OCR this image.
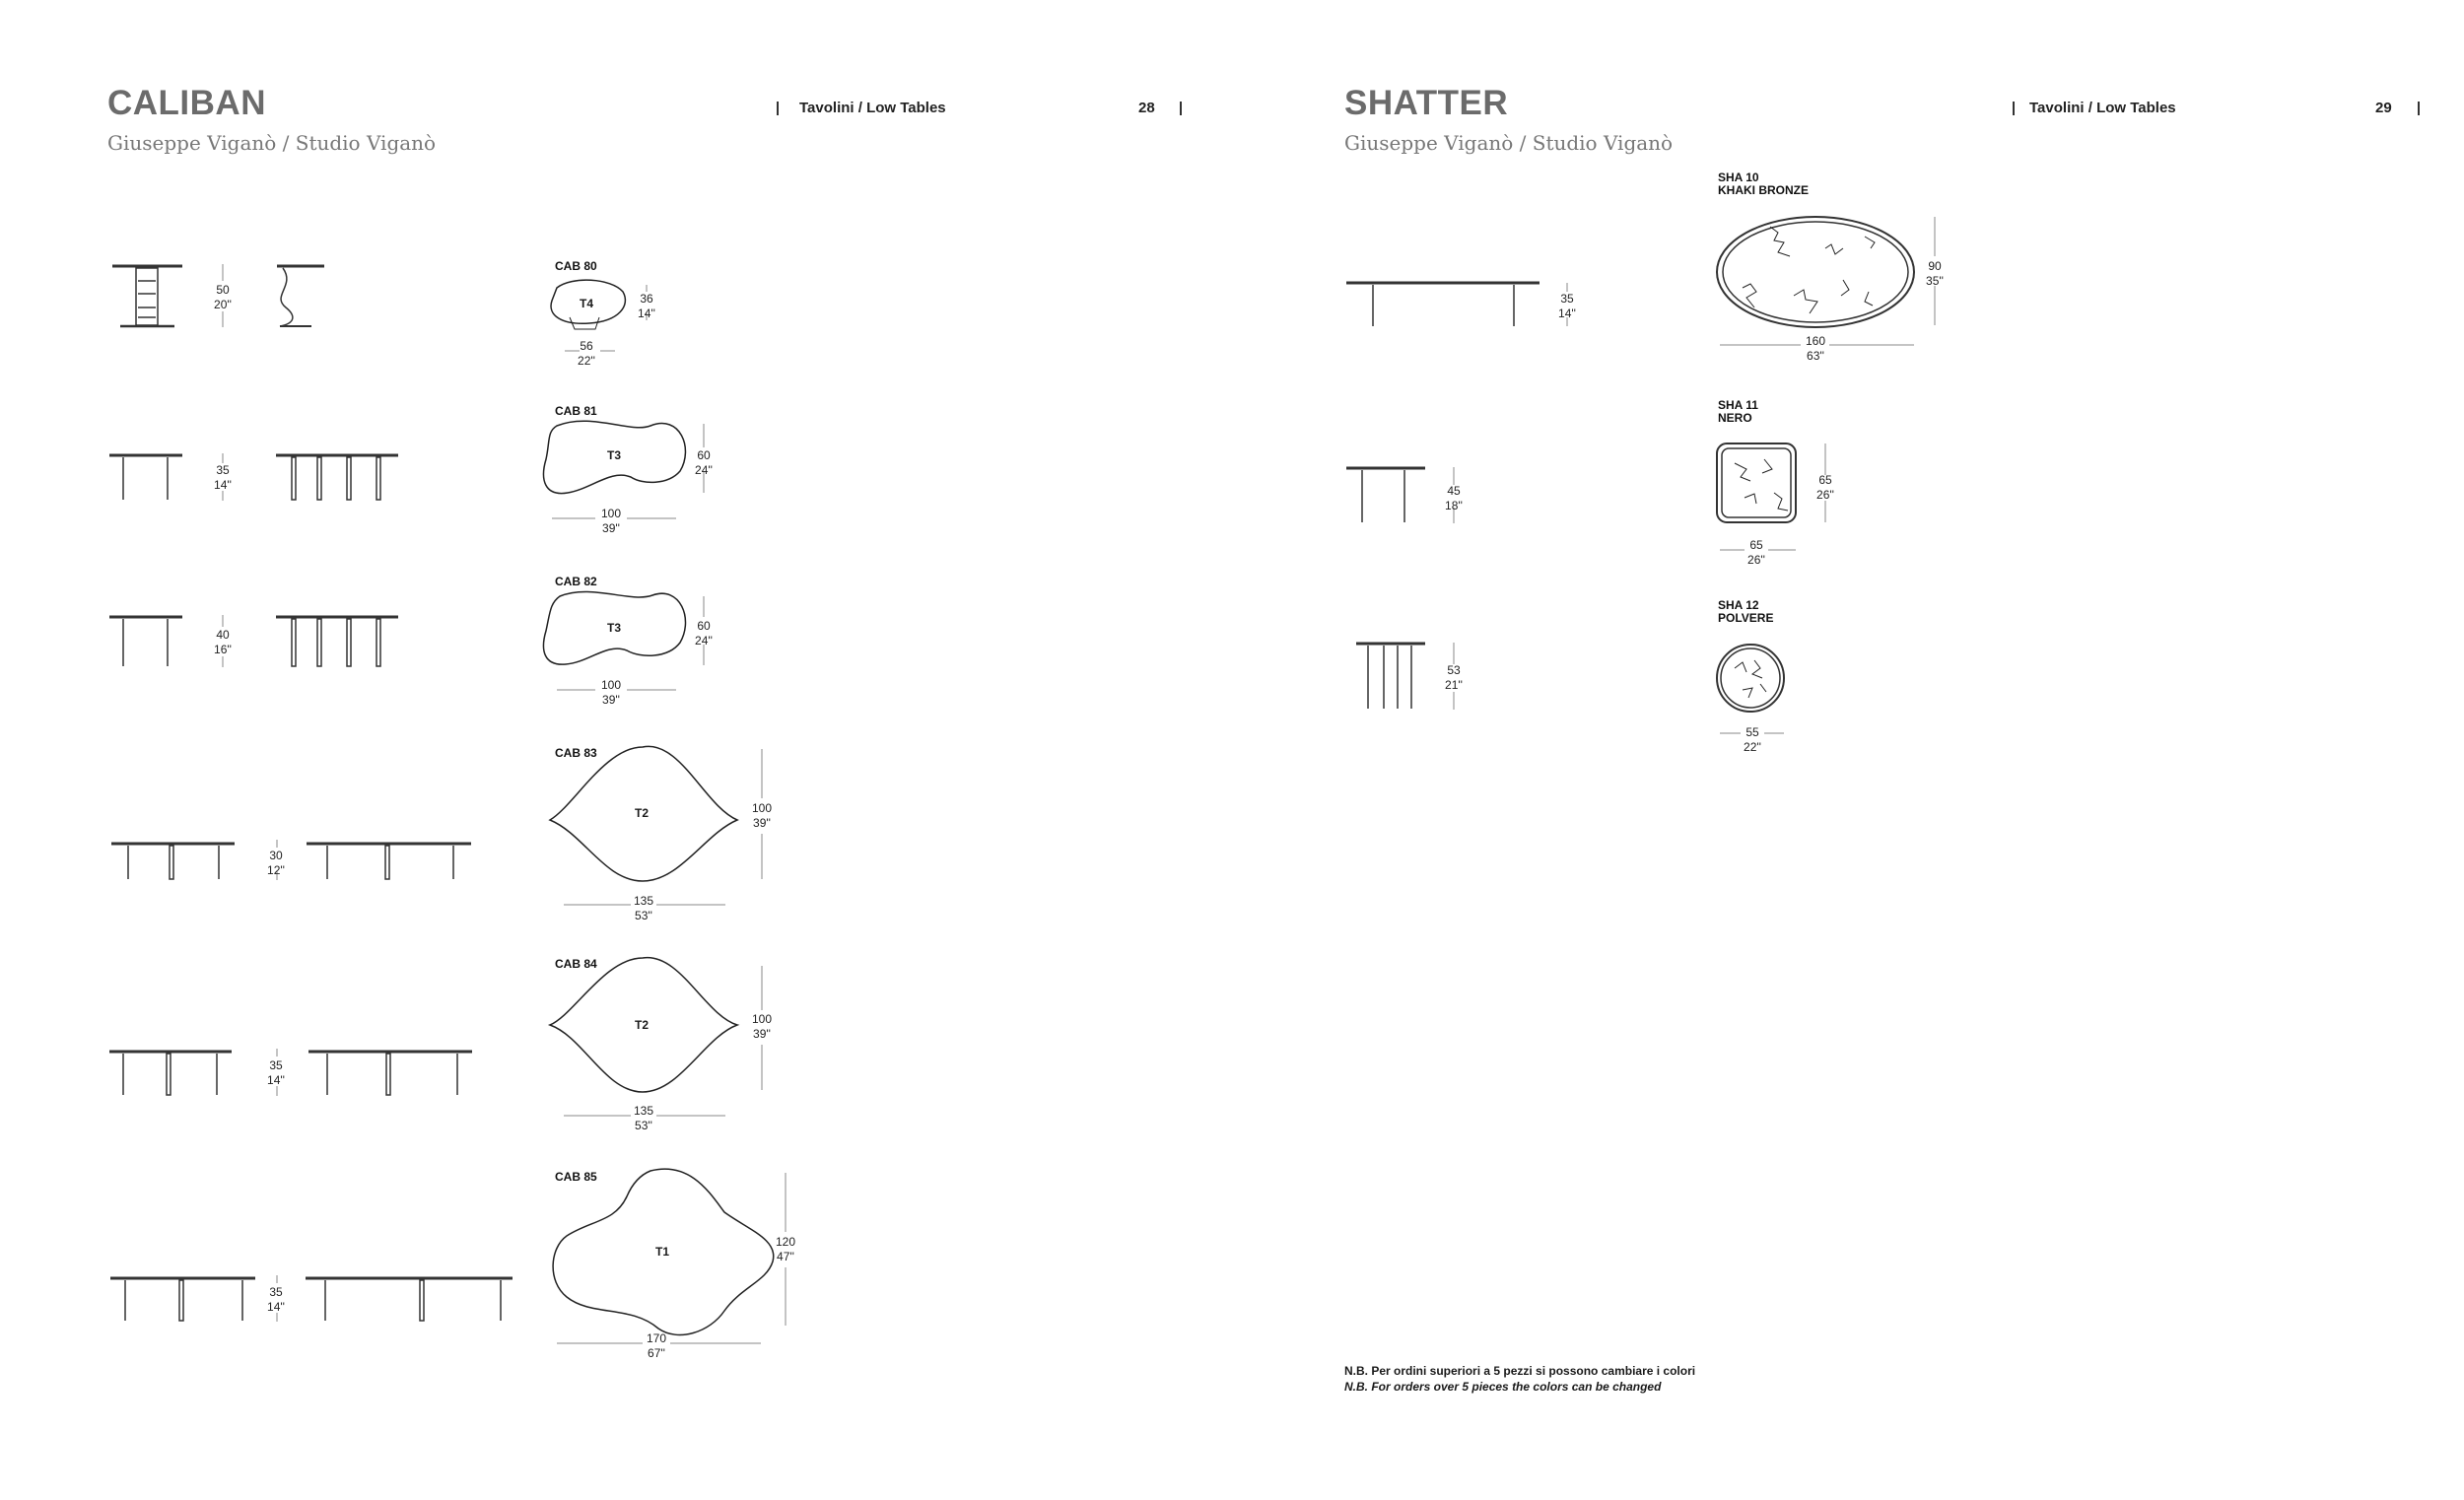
CALIBAN
Giuseppe Viganò / Studio Viganò
Tavolini / Low Tables	28
50
20''
35
14''
40
16''
30
12''
35
14''
35
14''
CAB 80
T4
56
22''
36
14''
CAB 81
T3
100
39''
60
24''
CAB 82
T3
100
39''
60
24''
CAB 83
T2
135
53''
100
39''
CAB 84
T2
135
53''
100
39''
CAB 85
T1
170
67''
120
47''
SHATTER
Giuseppe Viganò / Studio Viganò
Tavolini / Low Tables	29
35
14''
45
18''
53
21''
SHA 10
KHAKI BRONZE
160
63''
90
35''
SHA 11
NERO
65
26''
65
26''
SHA 12
POLVERE
55
22''
N.B. Per ordini superiori a 5 pezzi si possono cambiare i colori
N.B. For orders over 5 pieces the colors can be changed
